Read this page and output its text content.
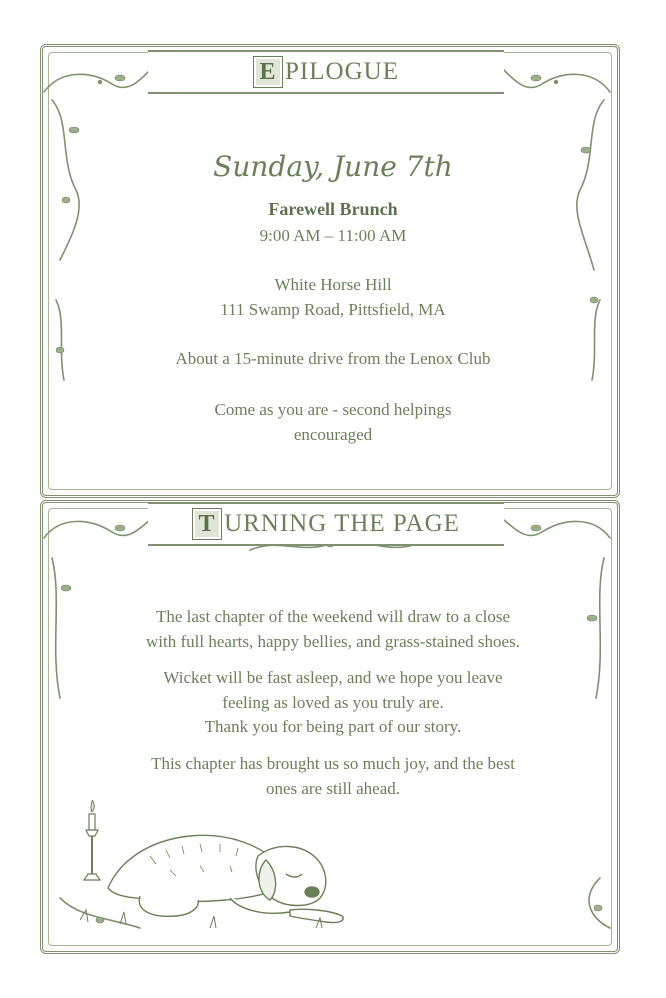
E PILOGUE
Sunday, June 7th
Farewell Brunch
9:00 AM – 11:00 AM
White Horse Hill
111 Swamp Road, Pittsfield, MA
About a 15-minute drive from the Lenox Club
Come as you are - second helpings
encouraged
T URNING THE PAGE
The last chapter of the weekend will draw to a close
with full hearts, happy bellies, and grass-stained shoes.
Wicket will be fast asleep, and we hope you leave
feeling as loved as you truly are.
Thank you for being part of our story.
This chapter has brought us so much joy, and the best
ones are still ahead.
